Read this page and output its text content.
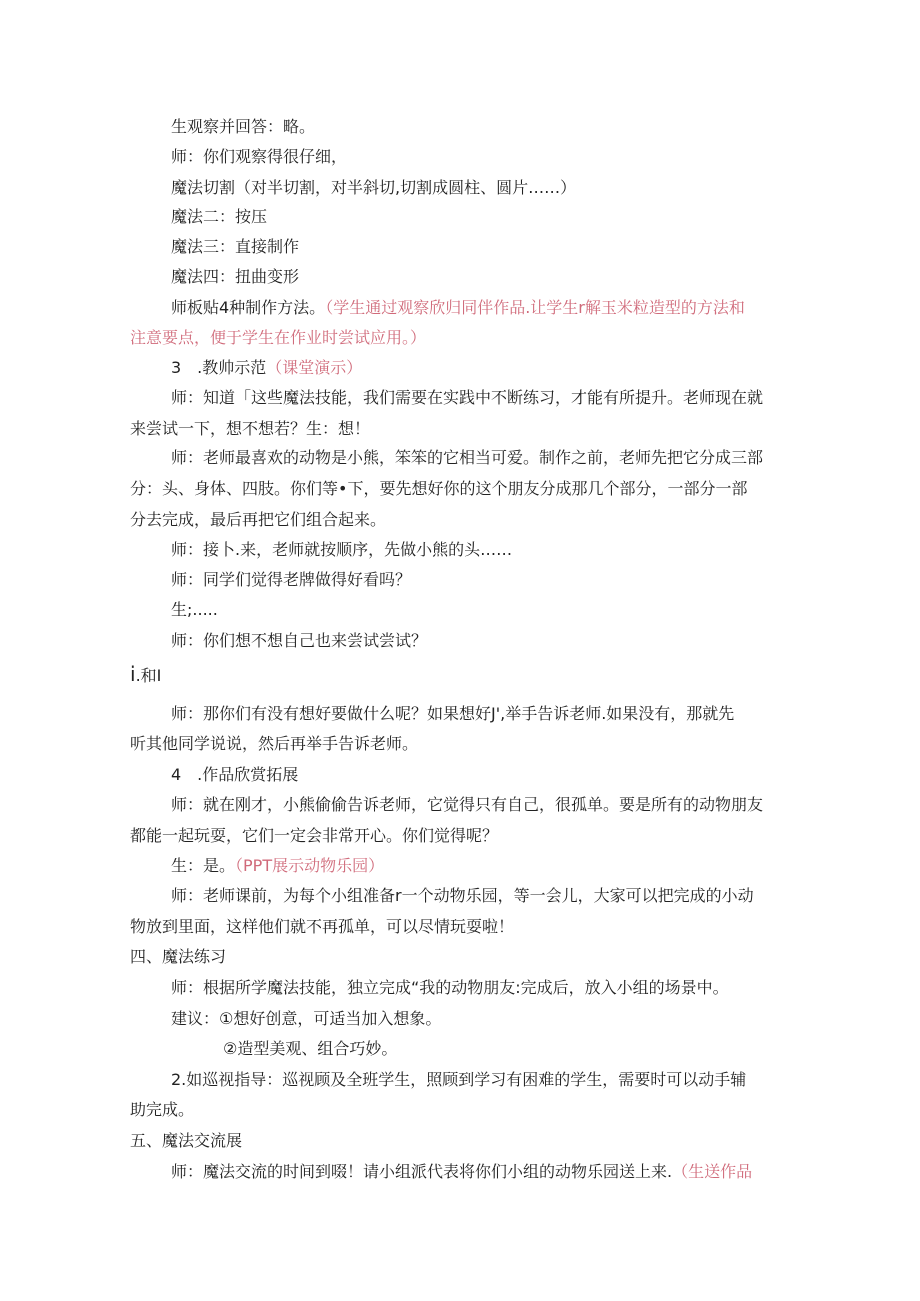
生观察并回答：略。

师：你们观察得很仔细，

魔法切割（对半切割，对半斜切,切割成圆柱、圆片……）

魔法二：按压

魔法三：直接制作

魔法四：扭曲变形

师板贴4种制作方法。（学生通过观察欣归同伴作品.让学生r解玉米粒造型的方法和

注意要点，便于学生在作业时尝试应用。）

3　.教帅示范（课堂演示）

师：知道「这些魔法技能，我们需要在实践中不断练习，才能有所提升。老师现在就

来尝试一下，想不想若？生：想！

师：老师最喜欢的动物是小熊，笨笨的它相当可爱。制作之前，老师先把它分成三部

分：头、身体、四肢。你们等•下，要先想好你的这个朋友分成那几个部分，一部分一部

分去完成，最后再把它们组合起来。

师：接卜.来，老师就按顺序，先做小熊的头……

师：同学们觉得老牌做得好看吗？

生;.....

师：你们想不想自己也来尝试尝试？

i.和I

师：那你们有没有想好要做什么呢？如果想好J',举手告诉老师.如果没有，那就先

听其他同学说说，然后再举手告诉老师。

4　.作品欣赏拓展

师：就在刚才，小熊偷偷告诉老师，它觉得只有自己，很孤单。要是所有的动物朋友

都能一起玩耍，它们一定会非常开心。你们觉得呢？

生：是。（PPT展示动物乐园）

师：老师课前，为每个小组准备r一个动物乐园，等一会儿，大家可以把完成的小动

物放到里面，这样他们就不再孤单，可以尽情玩耍啦！

四、魔法练习

师：根据所学魔法技能，独立完成“我的动物朋友:完成后，放入小组的场景中。

建议：①想好创意，可适当加入想象。

②造型美观、组合巧妙。

2.如巡视指导：巡视顾及全班学生，照顾到学习有困难的学生，需要时可以动手辅

助完成。

五、魔法交流展

师：魔法交流的时间到啜！请小组派代表将你们小组的动物乐园送上来.（生送作品
